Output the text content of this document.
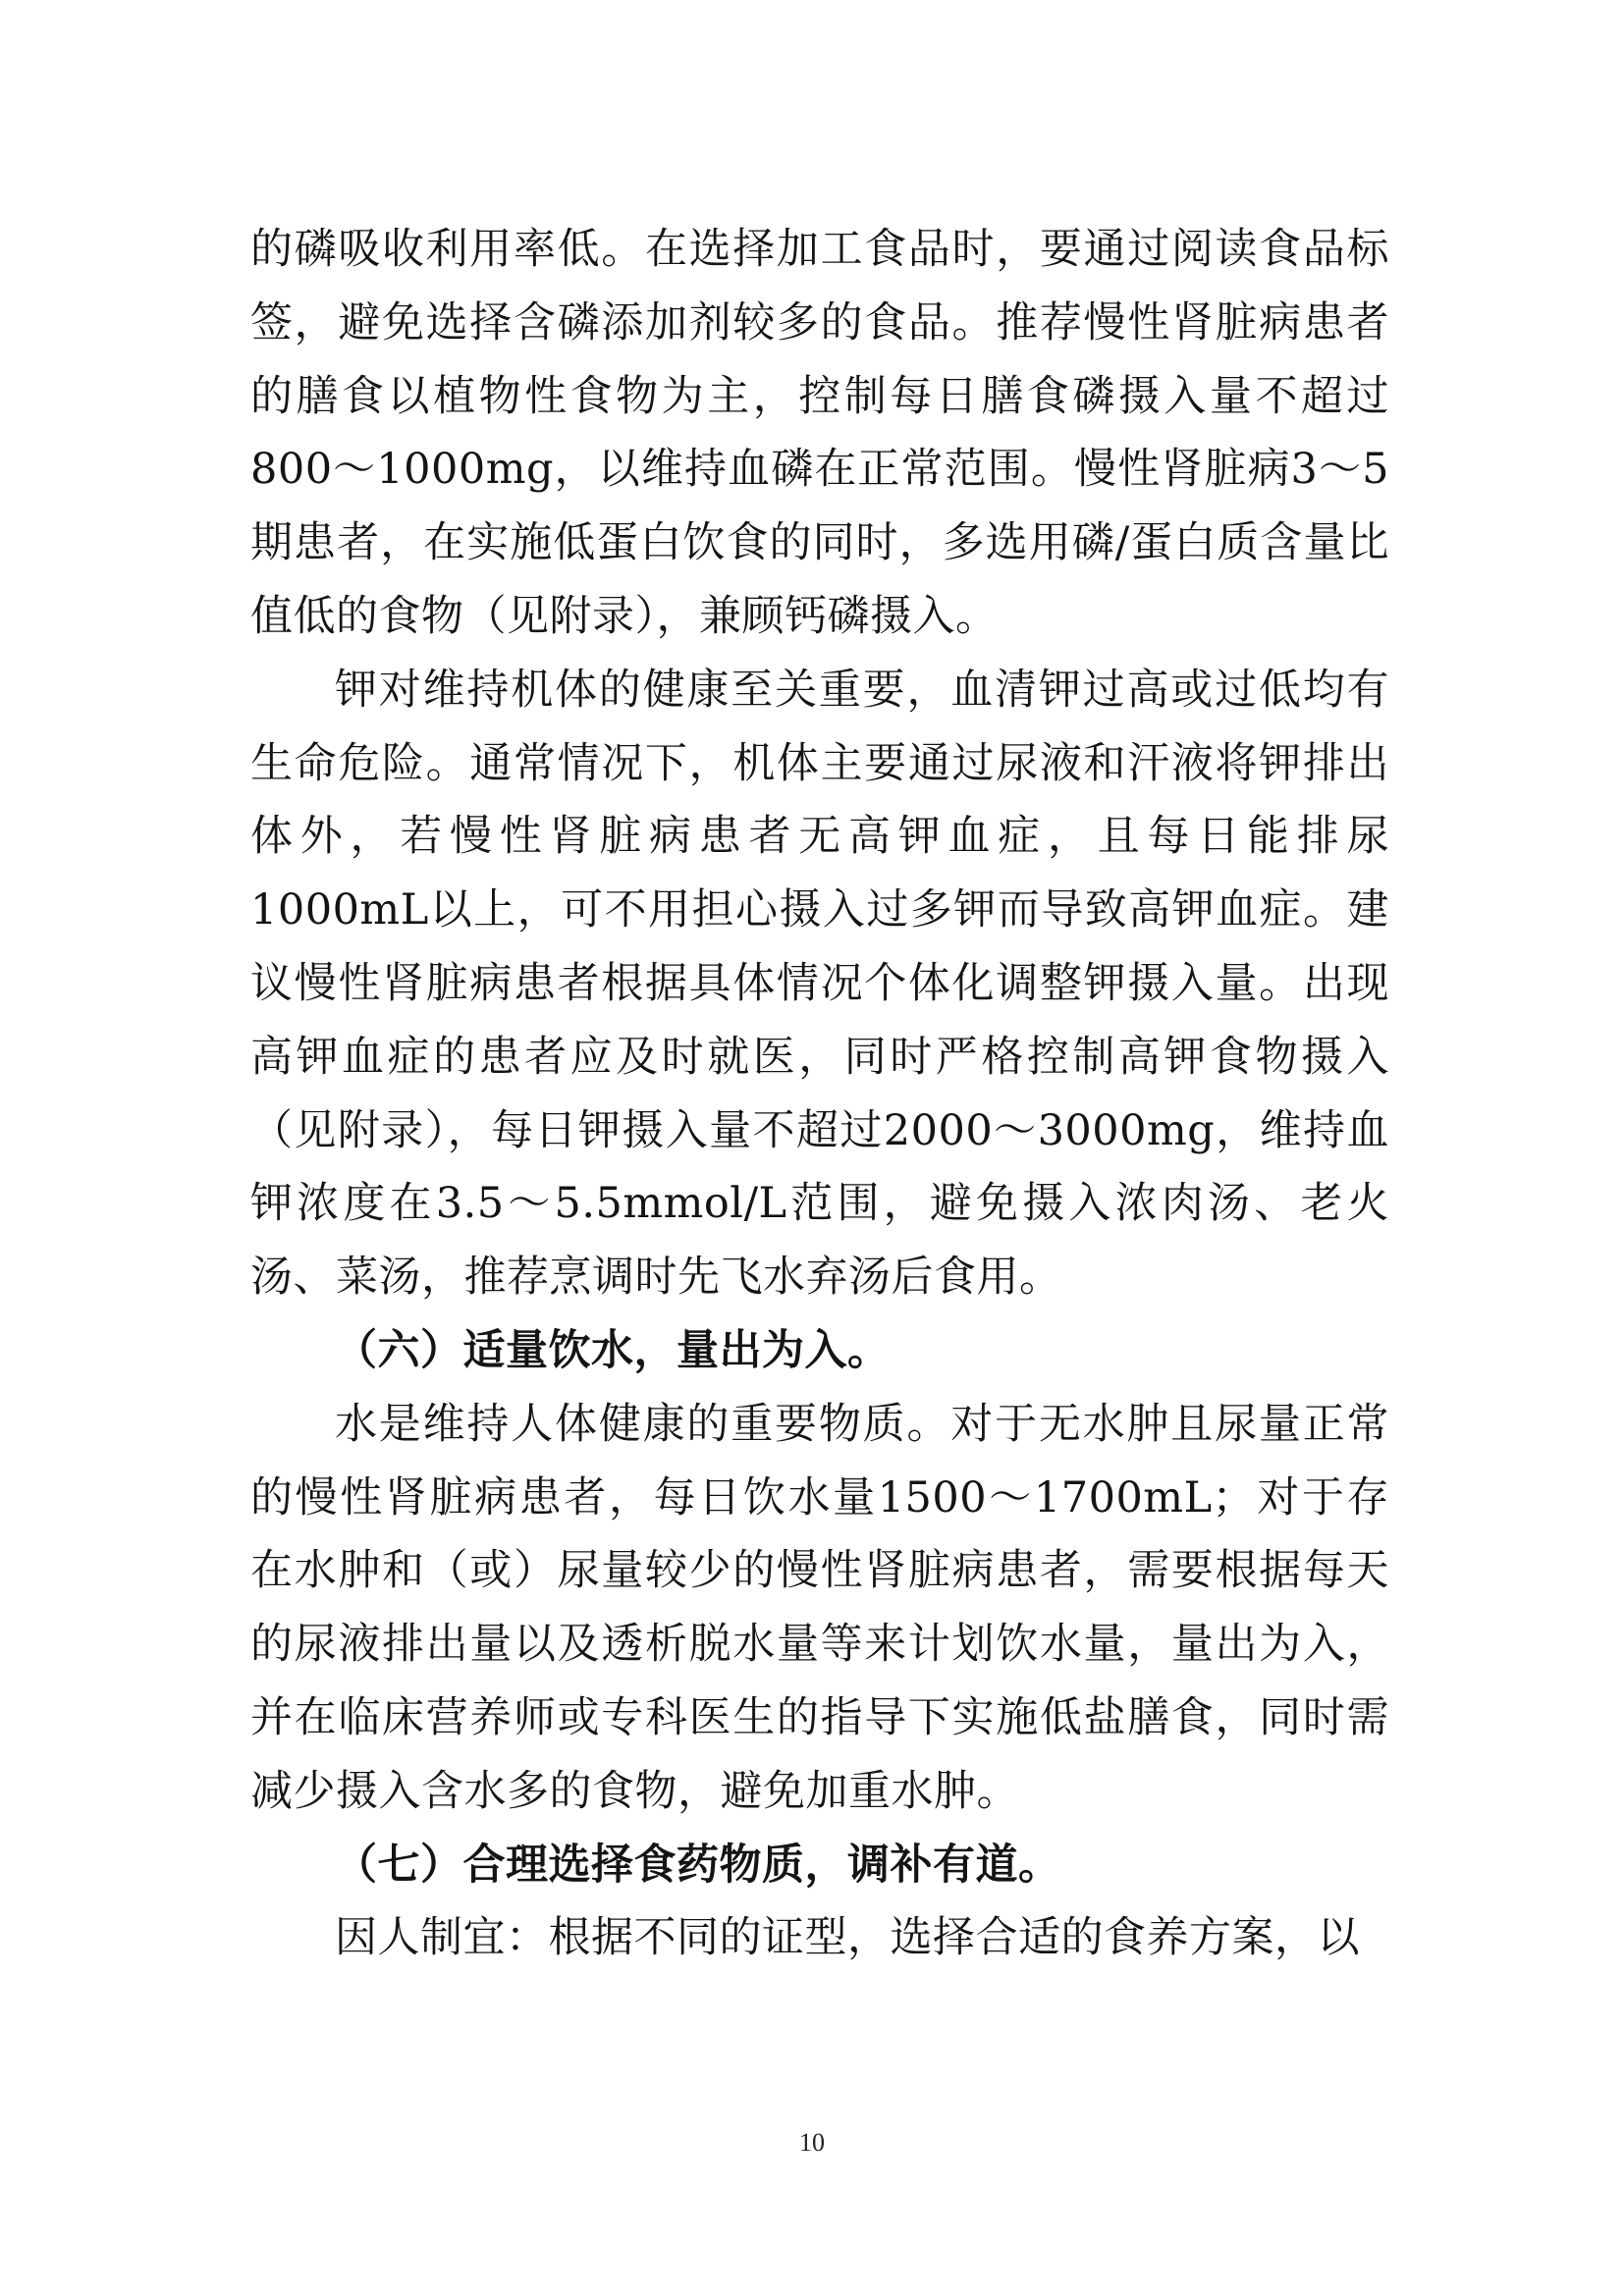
的磷吸收利用率低。在选择加工食品时，要通过阅读食品标签，避免选择含磷添加剂较多的食品。推荐慢性肾脏病患者的膳食以植物性食物为主，控制每日膳食磷摄入量不超过800～1000mg，以维持血磷在正常范围。慢性肾脏病3～5期患者，在实施低蛋白饮食的同时，多选用磷/蛋白质含量比值低的食物（见附录），兼顾钙磷摄入。

钾对维持机体的健康至关重要，血清钾过高或过低均有生命危险。通常情况下，机体主要通过尿液和汗液将钾排出体外，若慢性肾脏病患者无高钾血症，且每日能排尿1000mL以上，可不用担心摄入过多钾而导致高钾血症。建议慢性肾脏病患者根据具体情况个体化调整钾摄入量。出现高钾血症的患者应及时就医，同时严格控制高钾食物摄入（见附录），每日钾摄入量不超过2000～3000mg，维持血钾浓度在3.5～5.5mmol/L范围，避免摄入浓肉汤、老火汤、菜汤，推荐烹调时先飞水弃汤后食用。

（六）适量饮水，量出为入。

水是维持人体健康的重要物质。对于无水肿且尿量正常的慢性肾脏病患者，每日饮水量1500～1700mL；对于存在水肿和（或）尿量较少的慢性肾脏病患者，需要根据每天的尿液排出量以及透析脱水量等来计划饮水量，量出为入，并在临床营养师或专科医生的指导下实施低盐膳食，同时需减少摄入含水多的食物，避免加重水肿。

（七）合理选择食药物质，调补有道。

因人制宜：根据不同的证型，选择合适的食养方案，以

10
